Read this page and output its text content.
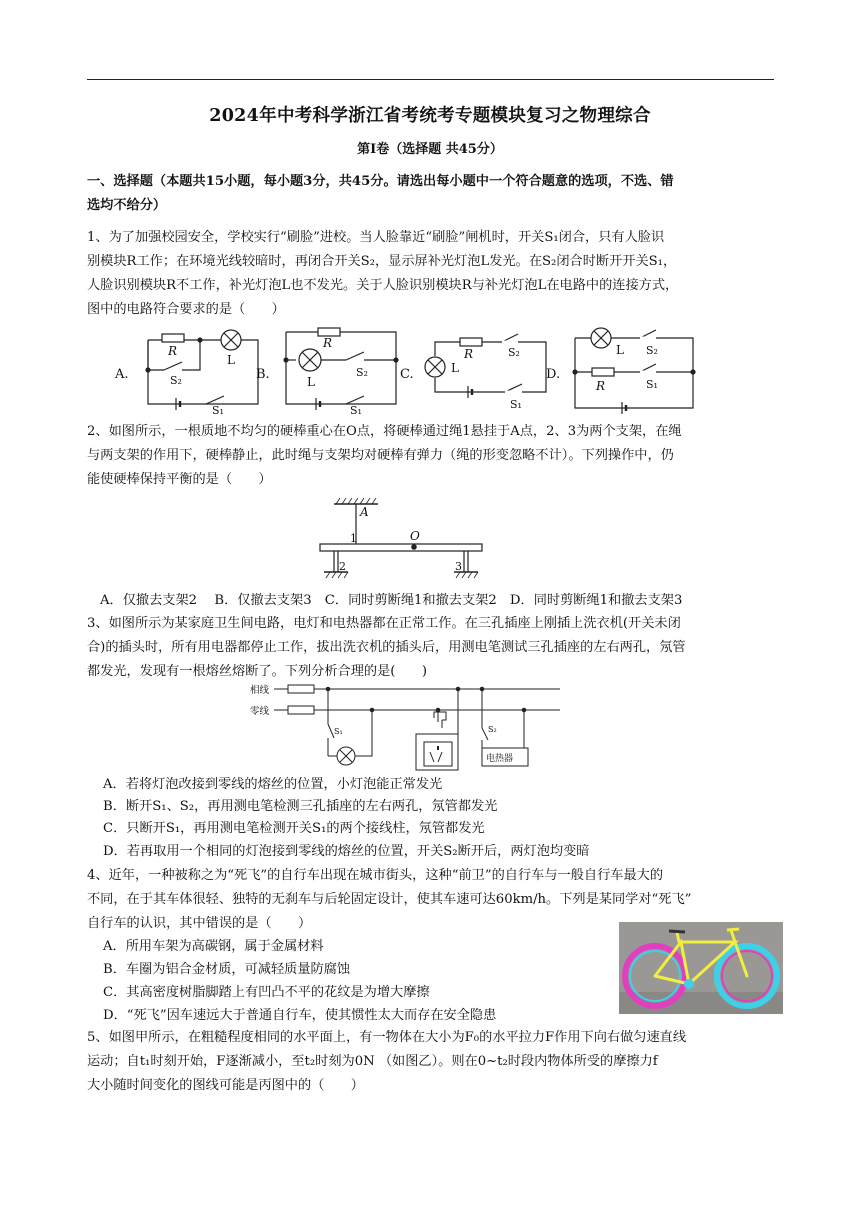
2024年中考科学浙江省考统考专题模块复习之物理综合
第Ⅰ卷（选择题 共45分）
一、选择题（本题共15小题，每小题3分，共45分。请选出每小题中一个符合题意的选项，不选、错
选均不给分）
1、为了加强校园安全，学校实行“刷脸”进校。当人脸靠近“刷脸”闸机时，开关S₁闭合，只有人脸识
别模块R工作；在环境光线较暗时，再闭合开关S₂，显示屏补光灯泡L发光。在S₂闭合时断开开关S₁，
人脸识别模块R不工作，补光灯泡L也不发光。关于人脸识别模块R与补光灯泡L在电路中的连接方式，
图中的电路符合要求的是（　　）
A.
R
L
S₂
S₁
B.
R
L
S₂
S₁
C.
R
L
S₂
S₁
D.
L S₂
R	S₁
2、如图所示，一根质地不均匀的硬棒重心在O点，将硬棒通过绳1悬挂于A点，2、3为两个支架，在绳
与两支架的作用下，硬棒静止，此时绳与支架均对硬棒有弹力（绳的形变忽略不计）。下列操作中，仍
能使硬棒保持平衡的是（　　）
A
1	O
2	3
A．仅撤去支架2　 B．仅撤去支架3　C．同时剪断绳1和撤去支架2　D．同时剪断绳1和撤去支架3
3、如图所示为某家庭卫生间电路，电灯和电热器都在正常工作。在三孔插座上刚插上洗衣机(开关未闭
合)的插头时，所有用电器都停止工作，拔出洗衣机的插头后，用测电笔测试三孔插座的左右两孔，氖管
都发光，发现有一根熔丝熔断了。下列分析合理的是(　　)
相线
零线
S₁	S₂
电热器
A．若将灯泡改接到零线的熔丝的位置，小灯泡能正常发光
B．断开S₁、S₂，再用测电笔检测三孔插座的左右两孔，氖管都发光
C．只断开S₁，再用测电笔检测开关S₁的两个接线柱，氖管都发光
D．若再取用一个相同的灯泡接到零线的熔丝的位置，开关S₂断开后，两灯泡均变暗
4、近年，一种被称之为“死飞”的自行车出现在城市街头，这种“前卫”的自行车与一般自行车最大的
不同，在于其车体很轻、独特的无刹车与后轮固定设计，使其车速可达60km/h。下列是某同学对“死飞”
自行车的认识，其中错误的是（　　）
A．所用车架为高碳钢，属于金属材料
B．车圈为铝合金材质，可减轻质量防腐蚀
C．其高密度树脂脚踏上有凹凸不平的花纹是为增大摩擦
D．“死飞”因车速远大于普通自行车，使其惯性太大而存在安全隐患
5、如图甲所示，在粗糙程度相同的水平面上，有一物体在大小为F₀的水平拉力F作用下向右做匀速直线
运动；自t₁时刻开始，F逐渐减小，至t₂时刻为0N （如图乙）。则在0~t₂时段内物体所受的摩擦力f
大小随时间变化的图线可能是丙图中的（　　）
